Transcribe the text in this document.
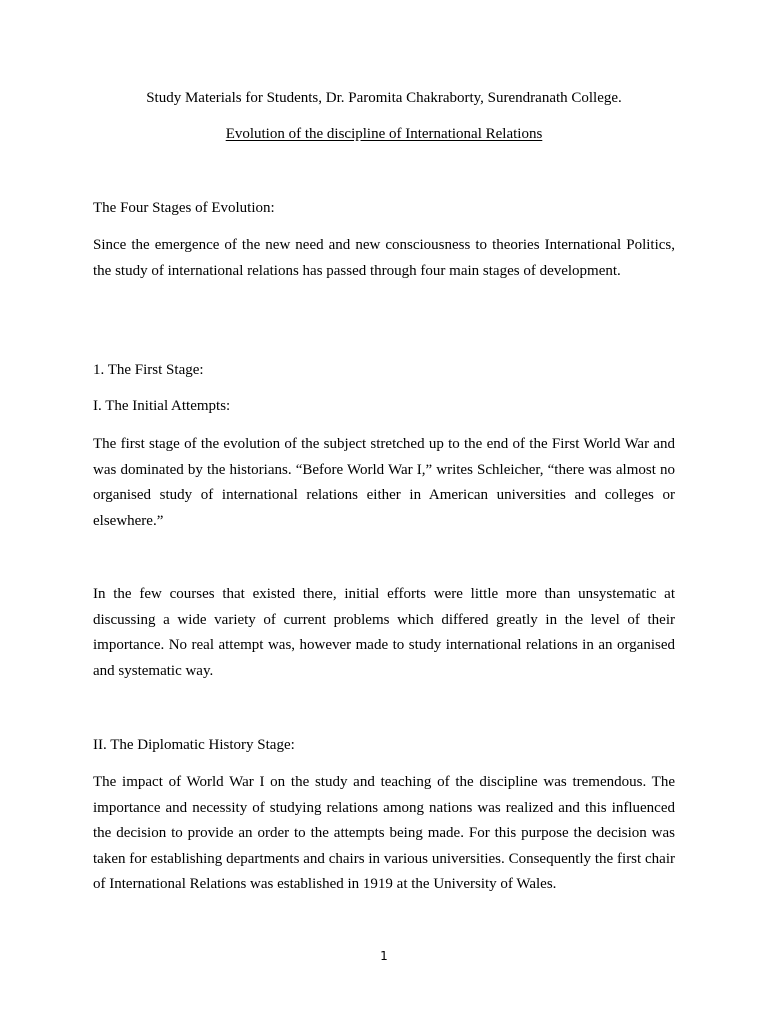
Study Materials for Students, Dr. Paromita Chakraborty, Surendranath College.

Evolution of the discipline of International Relations

The Four Stages of Evolution:

Since the emergence of the new need and new consciousness to theories International Politics, the study of international relations has passed through four main stages of development.

1. The First Stage:

I. The Initial Attempts:

The first stage of the evolution of the subject stretched up to the end of the First World War and was dominated by the historians. “Before World War I,” writes Schleicher, “there was almost no organised study of international relations either in American universities and colleges or elsewhere.”

In the few courses that existed there, initial efforts were little more than unsystematic at discussing a wide variety of current problems which differed greatly in the level of their importance. No real attempt was, however made to study international relations in an organised and systematic way.

II. The Diplomatic History Stage:

The impact of World War I on the study and teaching of the discipline was tremendous. The importance and necessity of studying relations among nations was realized and this influenced the decision to provide an order to the attempts being made. For this purpose the decision was taken for establishing departments and chairs in various universities. Consequently the first chair of International Relations was established in 1919 at the University of Wales.

1
